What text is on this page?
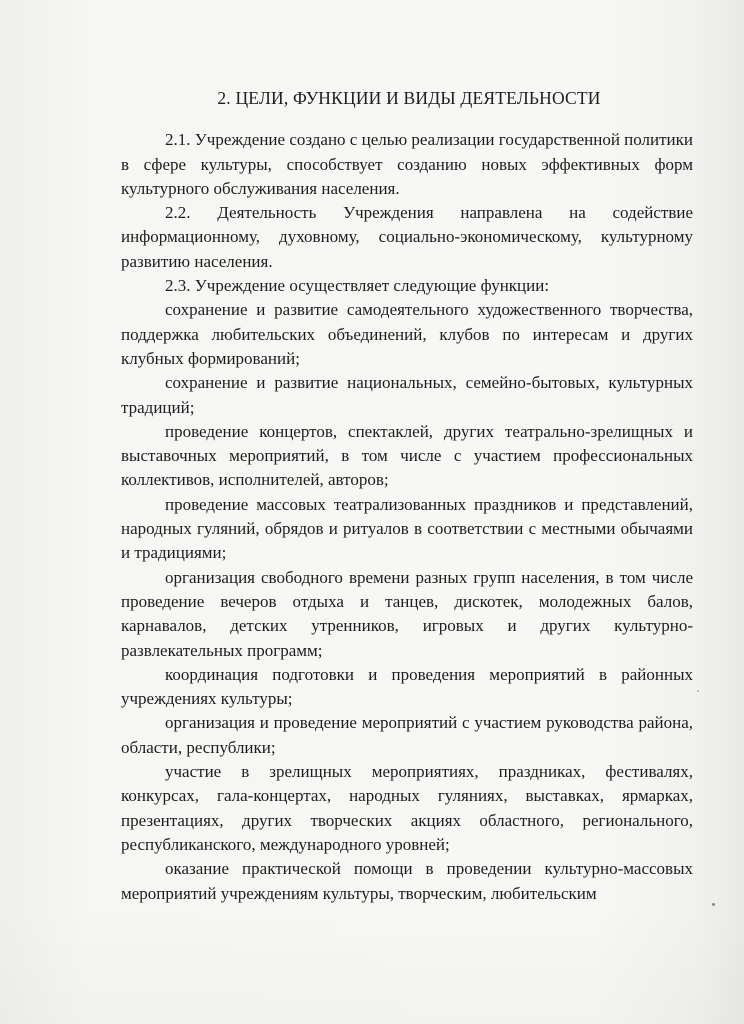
2. ЦЕЛИ, ФУНКЦИИ И ВИДЫ ДЕЯТЕЛЬНОСТИ

2.1. Учреждение создано с целью реализации государственной политики в сфере культуры, способствует созданию новых эффективных форм культурного обслуживания населения.

2.2. Деятельность Учреждения направлена на содействие информационному, духовному, социально-экономическому, культурному развитию населения.

2.3. Учреждение осуществляет следующие функции:

сохранение и развитие самодеятельного художественного творчества, поддержка любительских объединений, клубов по интересам и других клубных формирований;

сохранение и развитие национальных, семейно-бытовых, культурных традиций;

проведение концертов, спектаклей, других театрально-зрелищных и выставочных мероприятий, в том числе с участием профессиональных коллективов, исполнителей, авторов;

проведение массовых театрализованных праздников и представлений, народных гуляний, обрядов и ритуалов в соответствии с местными обычаями и традициями;

организация свободного времени разных групп населения, в том числе проведение вечеров отдыха и танцев, дискотек, молодежных балов, карнавалов, детских утренников, игровых и других культурно-развлекательных программ;

координация подготовки и проведения мероприятий в районных учреждениях культуры;

организация и проведение мероприятий с участием руководства района, области, республики;

участие в зрелищных мероприятиях, праздниках, фестивалях, конкурсах, гала-концертах, народных гуляниях, выставках, ярмарках, презентациях, других творческих акциях областного, регионального, республиканского, международного уровней;

оказание практической помощи в проведении культурно-массовых мероприятий учреждениям культуры, творческим, любительским
